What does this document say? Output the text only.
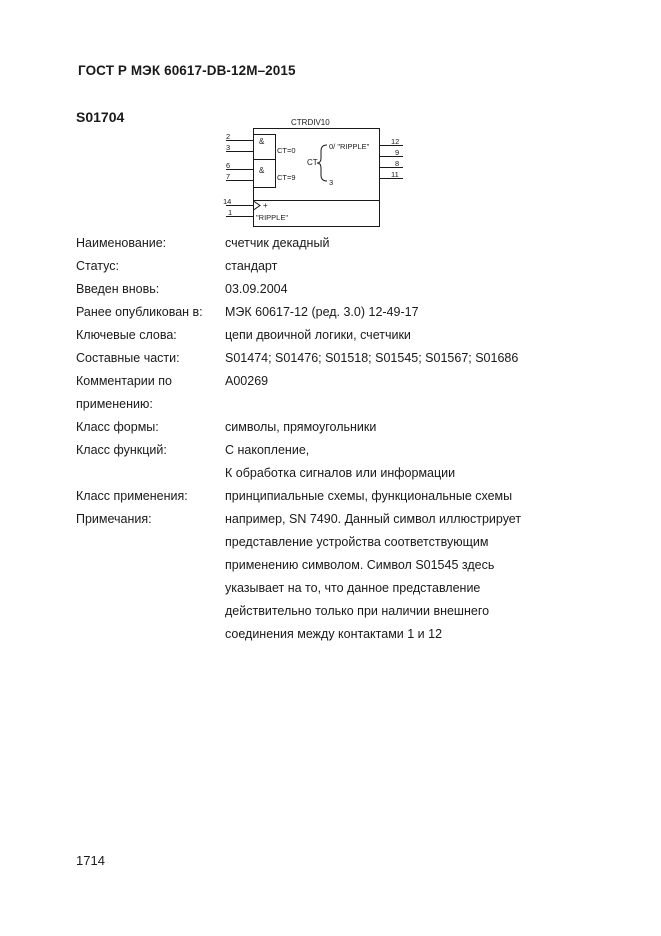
ГОСТ Р МЭК 60617-DB-12M–2015
S01704	CTRDIV10
&
&
CT=0
CT=9
CT
0/ "RIPPLE"
3
+
"RIPPLE"
2
3
6
7
14
1
12
9
8
11
Наименование:	счетчик декадный
Статус:	стандарт
Введен вновь:	03.09.2004
Ранее опубликован в:	МЭК 60617-12 (ред. 3.0) 12-49-17
Ключевые слова:	цепи двоичной логики, счетчики
Составные части:	S01474; S01476; S01518; S01545; S01567; S01686
Комментарии по
применению:
A00269
Класс формы:	символы, прямоугольники
Класс функций:	С накопление,
К обработка сигналов или информации
Класс применения:	принципиальные схемы, функциональные схемы
Примечания:	например, SN 7490. Данный символ иллюстрирует
представление устройства соответствующим
применению символом. Символ S01545 здесь
указывает на то, что данное представление
действительно только при наличии внешнего
соединения между контактами 1 и 12
1714
